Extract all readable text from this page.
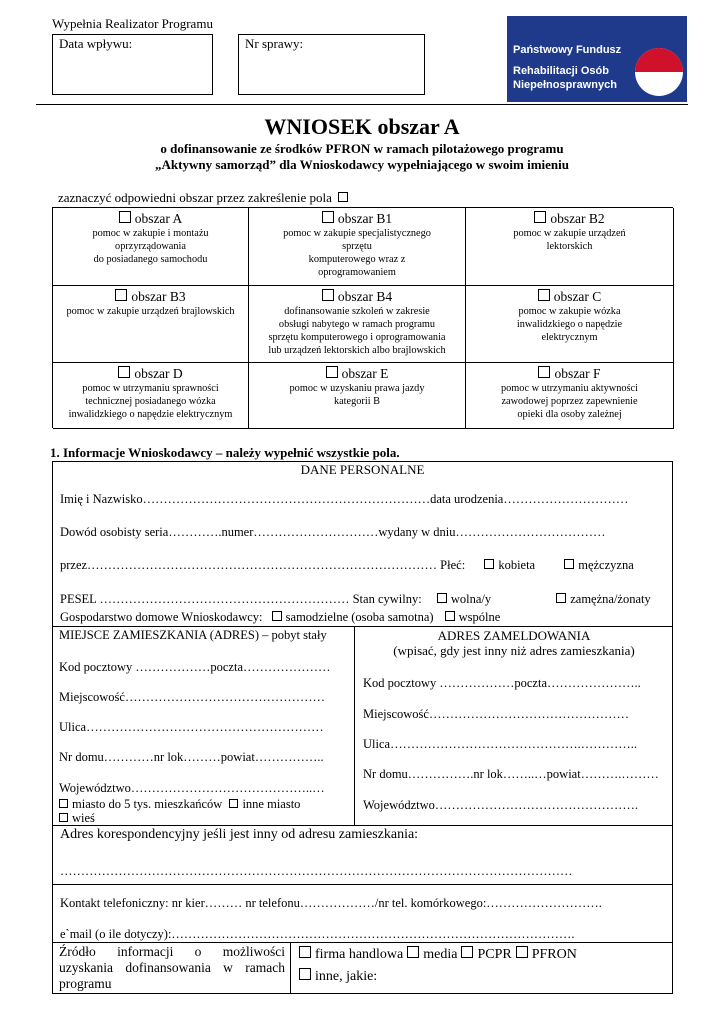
Wypełnia Realizator Programu
Data wpływu:	Nr sprawy:	Państwowy Fundusz
Rehabilitacji Osób
Niepełnosprawnych
WNIOSEK obszar A
o dofinansowanie ze środków PFRON w ramach pilotażowego programu
„Aktywny samorząd” dla Wnioskodawcy wypełniającego w swoim imieniu
zaznaczyć odpowiedni obszar przez zakreślenie pola
obszar A
pomoc w zakupie i montażu
oprzyrządowania
do posiadanego samochodu
obszar B1
pomoc w zakupie specjalistycznego
sprzętu
komputerowego wraz z
oprogramowaniem
obszar B2
pomoc w zakupie urządzeń
lektorskich
obszar B3
pomoc w zakupie urządzeń brajlowskich
obszar B4
dofinansowanie szkoleń w zakresie
obsługi nabytego w ramach programu
sprzętu komputerowego i oprogramowania
lub urządzeń lektorskich albo brajlowskich
obszar C
pomoc w zakupie wózka
inwalidzkiego o napędzie
elektrycznym
obszar D
pomoc w utrzymaniu sprawności
technicznej posiadanego wózka
inwalidzkiego o napędzie elektrycznym
obszar E
pomoc w uzyskaniu prawa jazdy
kategorii B
obszar F
pomoc w utrzymaniu aktywności
zawodowej poprzez zapewnienie
opieki dla osoby zależnej
1. Informacje Wnioskodawcy – należy wypełnić wszystkie pola.
DANE PERSONALNE
Imię i Nazwisko……………………………………………………………data urodzenia…………………………
Dowód osobisty seria………….numer…………………………wydany w dniu………………………………
przez………………………………………………………………………… Płeć:	kobieta	mężczyzna
PESEL …………………………………………………… Stan cywilny: wolna/y	zamężna/żonaty
Gospodarstwo domowe Wnioskodawcy: samodzielne (osoba samotna) wspólne
MIEJSCE ZAMIESZKANIA (ADRES) – pobyt stały
Kod pocztowy ………………poczta…………………
Miejscowość…………………………………………
Ulica…………………………………………………
Nr domu…………nr lok………powiat……………..
Województwo……………………………………..…
miasto do 5 tys. mieszkańców inne miasto
wieś
ADRES ZAMELDOWANIA
(wpisać, gdy jest inny niż adres zamieszkania)
Kod pocztowy ………………poczta…………………..
Miejscowość…………………………………………
Ulica……………………………………….…………..
Nr domu…………….nr lok……..…powiat……….………
Województwo………………………………………….
Adres korespondencyjny jeśli jest inny od adresu zamieszkania:
……………………………………………………………………………………………………………
Kontakt telefoniczny: nr kier……… nr telefonu………………/nr tel. komórkowego:……………………….
e`mail (o ile dotyczy):…………………………………………………………………………………….
Źródło informacji o możliwości uzyskania dofinansowania w ramach programu
firma handlowa media PCPR PFRON
inne, jakie:
